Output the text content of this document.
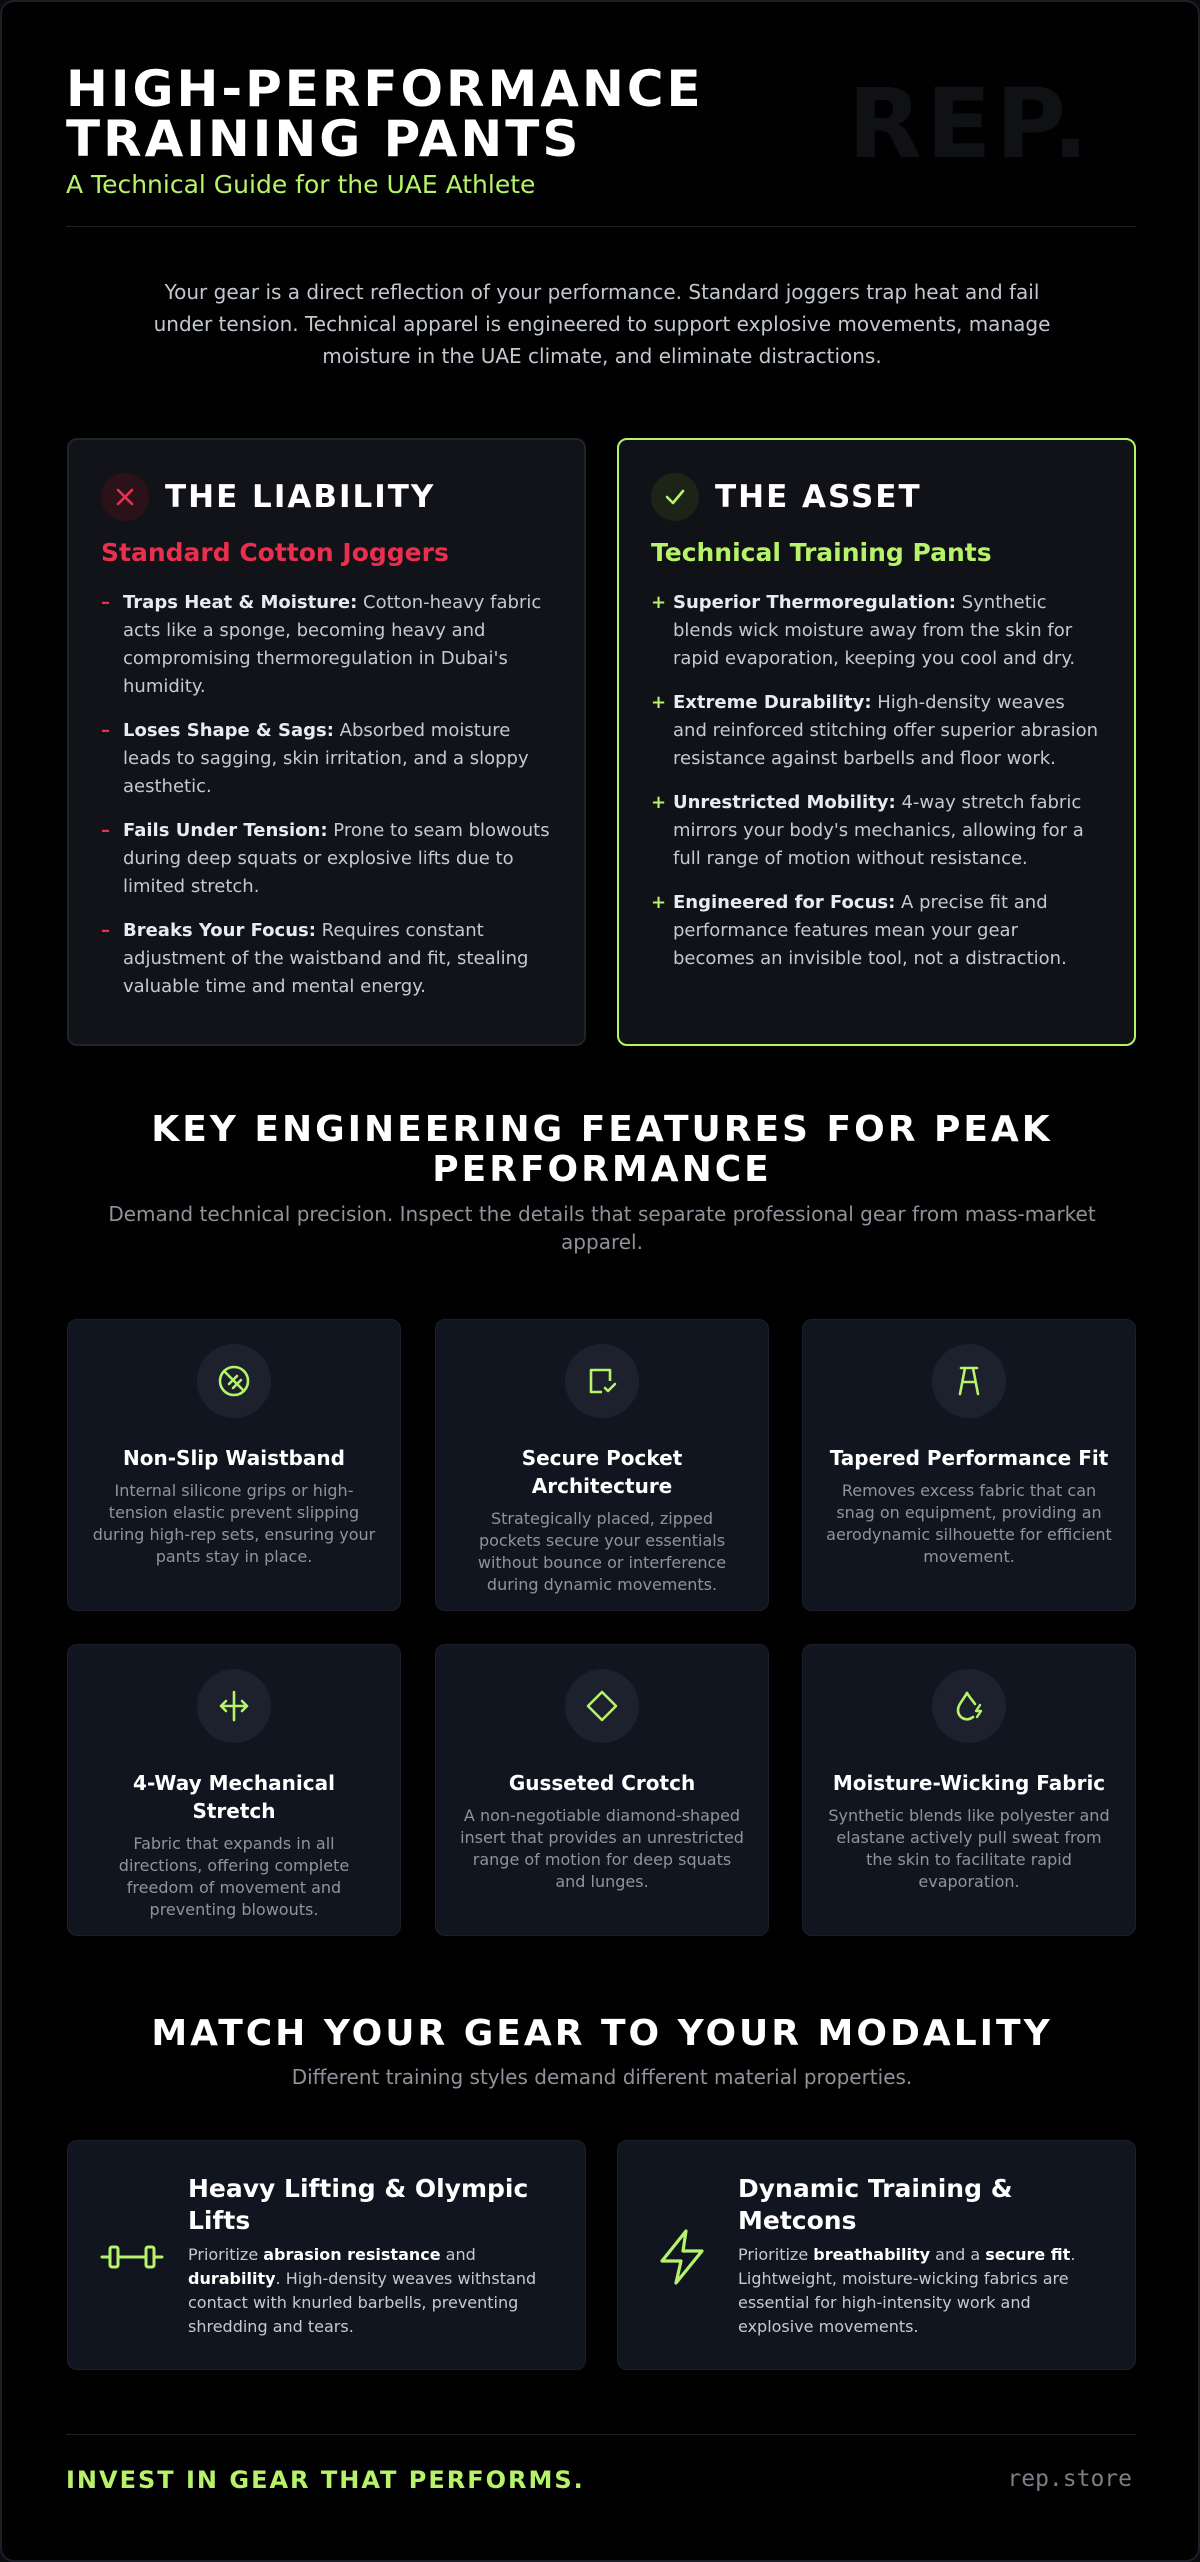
REP.
HIGH-PERFORMANCE
TRAINING PANTS
A Technical Guide for the UAE Athlete

Your gear is a direct reflection of your performance. Standard joggers trap heat and fail under tension. Technical apparel is engineered to support explosive movements, manage moisture in the UAE climate, and eliminate distractions.

THE LIABILITY
Standard Cotton Joggers
– Traps Heat & Moisture: Cotton-heavy fabric acts like a sponge, becoming heavy and compromising thermoregulation in Dubai's humidity.
– Loses Shape & Sags: Absorbed moisture leads to sagging, skin irritation, and a sloppy aesthetic.
– Fails Under Tension: Prone to seam blowouts during deep squats or explosive lifts due to limited stretch.
– Breaks Your Focus: Requires constant adjustment of the waistband and fit, stealing valuable time and mental energy.
THE ASSET
Technical Training Pants
+ Superior Thermoregulation: Synthetic blends wick moisture away from the skin for rapid evaporation, keeping you cool and dry.
+ Extreme Durability: High-density weaves and reinforced stitching offer superior abrasion resistance against barbells and floor work.
+ Unrestricted Mobility: 4-way stretch fabric mirrors your body's mechanics, allowing for a full range of motion without resistance.
+ Engineered for Focus: A precise fit and performance features mean your gear becomes an invisible tool, not a distraction.
KEY ENGINEERING FEATURES FOR PEAK
PERFORMANCE
Demand technical precision. Inspect the details that separate professional gear from mass-market apparel.
Non-Slip Waistband
Internal silicone grips or high-tension elastic prevent slipping during high-rep sets, ensuring your pants stay in place.
Secure Pocket Architecture
Strategically placed, zipped pockets secure your essentials without bounce or interference during dynamic movements.
Tapered Performance Fit
Removes excess fabric that can snag on equipment, providing an aerodynamic silhouette for efficient movement.
4-Way Mechanical Stretch
Fabric that expands in all directions, offering complete freedom of movement and preventing blowouts.
Gusseted Crotch
A non-negotiable diamond-shaped insert that provides an unrestricted range of motion for deep squats and lunges.
Moisture-Wicking Fabric
Synthetic blends like polyester and elastane actively pull sweat from the skin to facilitate rapid evaporation.
MATCH YOUR GEAR TO YOUR MODALITY
Different training styles demand different material properties.
Heavy Lifting & Olympic Lifts
Prioritize abrasion resistance and durability. High-density weaves withstand contact with knurled barbells, preventing shredding and tears.
Dynamic Training & Metcons
Prioritize breathability and a secure fit. Lightweight, moisture-wicking fabrics are essential for high-intensity work and explosive movements.
INVEST IN GEAR THAT PERFORMS.	rep.store
